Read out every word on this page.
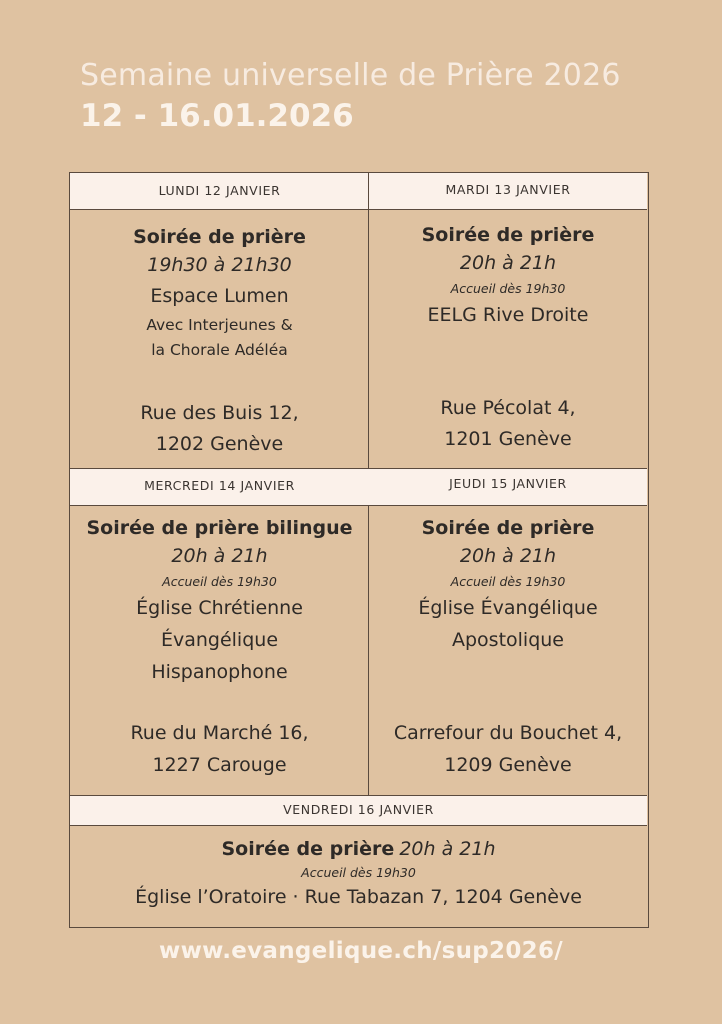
Semaine universelle de Prière 2026
12 - 16.01.2026
LUNDI 12 JANVIER	MARDI 13 JANVIER
Soirée de prière
19h30 à 21h30
Espace Lumen
Avec Interjeunes &
la Chorale Adéléa
Rue des Buis 12,
1202 Genève
Soirée de prière
20h à 21h
Accueil dès 19h30
EELG Rive Droite
Rue Pécolat 4,
1201 Genève
MERCREDI 14 JANVIER	JEUDI 15 JANVIER
Soirée de prière bilingue
20h à 21h
Accueil dès 19h30
Église Chrétienne
Évangélique
Hispanophone
Rue du Marché 16,
1227 Carouge
Soirée de prière
20h à 21h
Accueil dès 19h30
Église Évangélique
Apostolique
Carrefour du Bouchet 4,
1209 Genève
VENDREDI 16 JANVIER
Soirée de prière 20h à 21h
Accueil dès 19h30
Église l’Oratoire · Rue Tabazan 7, 1204 Genève
www.evangelique.ch/sup2026/
